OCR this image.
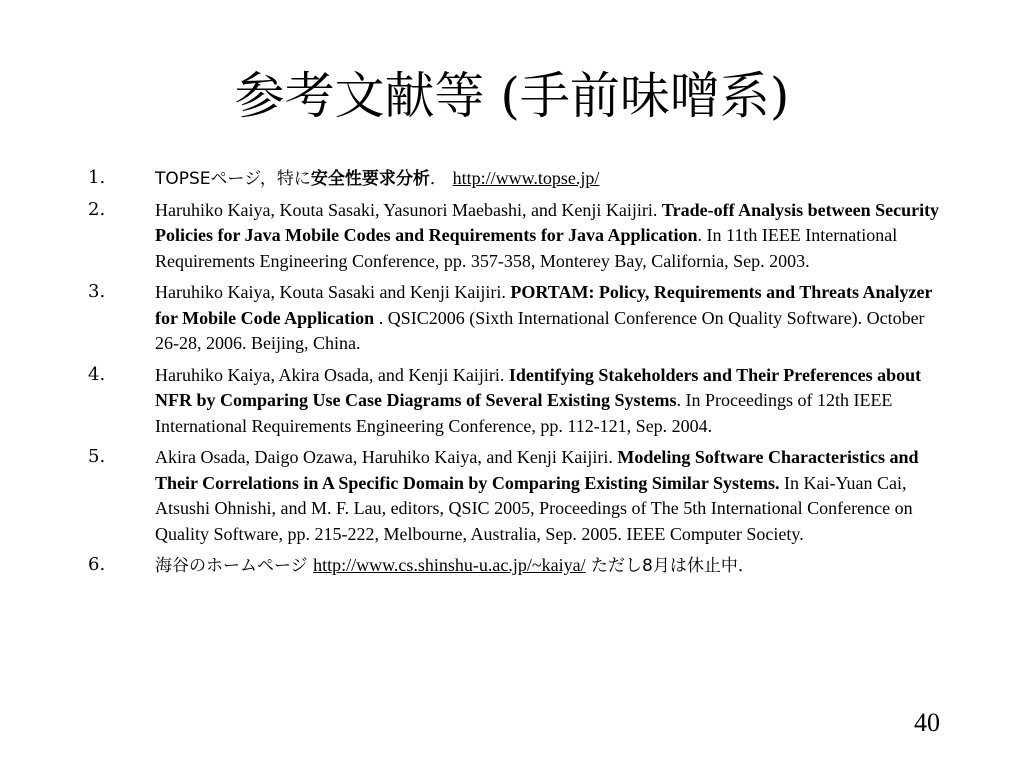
参考文献等 (手前味噌系)
1.	TOPSEページ，特に安全性要求分析． http://www.topse.jp/
2.	Haruhiko Kaiya, Kouta Sasaki, Yasunori Maebashi, and Kenji Kaijiri. Trade-off Analysis between Security Policies for Java Mobile Codes and Requirements for Java Application. In 11th IEEE International Requirements Engineering Conference, pp. 357-358, Monterey Bay, California, Sep. 2003.
3.	Haruhiko Kaiya, Kouta Sasaki and Kenji Kaijiri. PORTAM: Policy, Requirements and Threats Analyzer for Mobile Code Application . QSIC2006 (Sixth International Conference On Quality Software). October 26-28, 2006. Beijing, China.
4.	Haruhiko Kaiya, Akira Osada, and Kenji Kaijiri. Identifying Stakeholders and Their Preferences about NFR by Comparing Use Case Diagrams of Several Existing Systems. In Proceedings of 12th IEEE International Requirements Engineering Conference, pp. 112-121, Sep. 2004.
5.	Akira Osada, Daigo Ozawa, Haruhiko Kaiya, and Kenji Kaijiri. Modeling Software Characteristics and Their Correlations in A Specific Domain by Comparing Existing Similar Systems. In Kai-Yuan Cai, Atsushi Ohnishi, and M. F. Lau, editors, QSIC 2005, Proceedings of The 5th International Conference on Quality Software, pp. 215-222, Melbourne, Australia, Sep. 2005. IEEE Computer Society.
6.	海谷のホームページ http://www.cs.shinshu-u.ac.jp/~kaiya/ ただし8月は休止中．
40
